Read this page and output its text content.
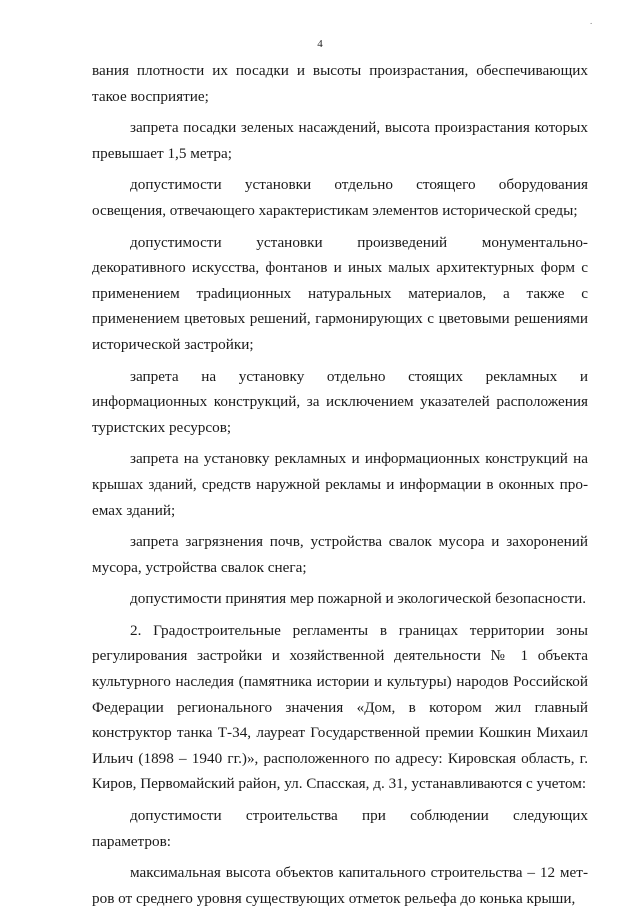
.
4

вания плотности их посадки и высоты произрастания, обеспечивающих такое восприятие;

запрета посадки зеленых насаждений, высота произрастания которых превышает 1,5 метра;

допустимости установки отдельно стоящего оборудования освещения, отвечающего характеристикам элементов исторической среды;

допустимости установки произведений монументально-декоративного искусства, фонтанов и иных малых архитектурных форм с применением траdиционных натуральных материалов, а также с применением цветовых решений, гармонирующих с цветовыми решениями исторической застройки;

запрета на установку отдельно стоящих рекламных и информационных конструкций, за исключением указателей расположения туристских ресурсов;

запрета на установку рекламных и информационных конструкций на крышах зданий, средств наружной рекламы и информации в оконных проемах зданий;

запрета загрязнения почв, устройства свалок мусора и захоронений мусора, устройства свалок снега;

допустимости принятия мер пожарной и экологической безопасности.

2. Градостроительные регламенты в границах территории зоны регулирования застройки и хозяйственной деятельности № 1 объекта культурного наследия (памятника истории и культуры) народов Российской Федерации регионального значения «Дом, в котором жил главный конструктор танка Т-34, лауреат Государственной премии Кошкин Михаил Ильич (1898 – 1940 гг.)», расположенного по адресу: Кировская область, г. Киров, Первомайский район, ул. Спасская, д. 31, устанавливаются с учетом:

допустимости строительства при соблюдении следующих параметров:

максимальная высота объектов капитального строительства – 12 метров от среднего уровня существующих отметок рельефа до конька крыши,
